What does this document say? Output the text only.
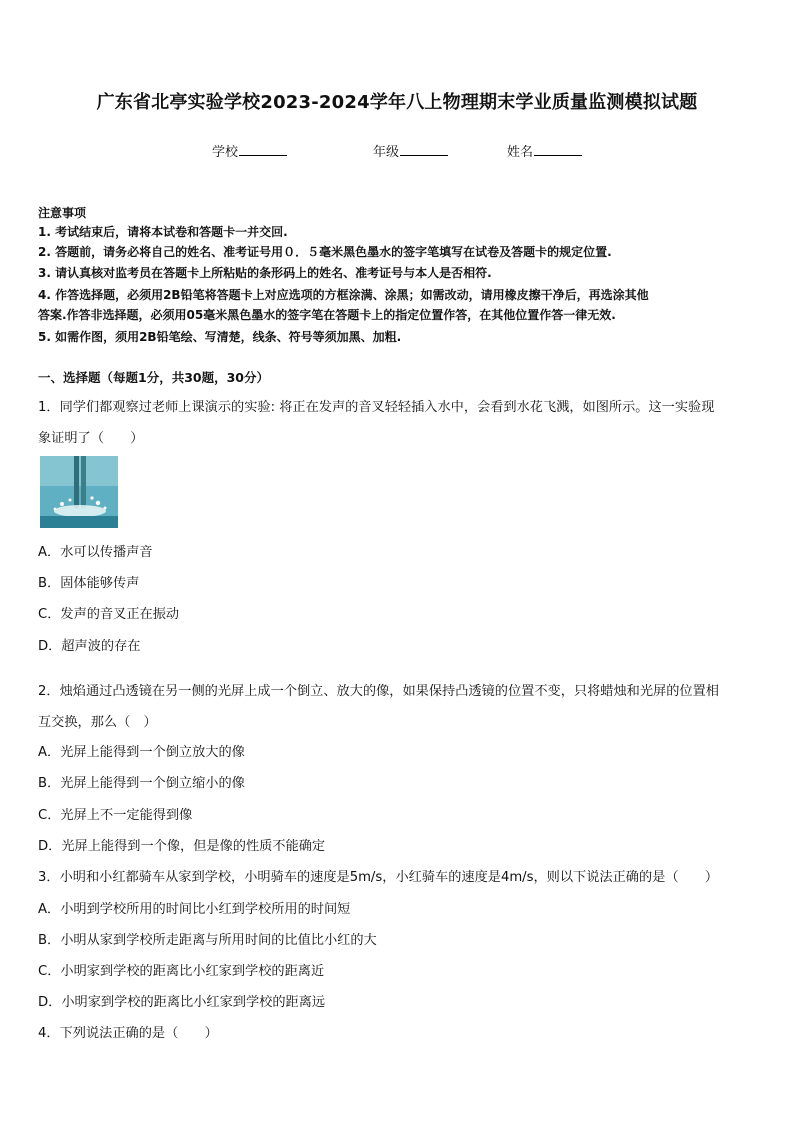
广东省北亭实验学校2023-2024学年八上物理期末学业质量监测模拟试题
学校	年级	姓名
注意事项
1. 考试结束后，请将本试卷和答题卡一并交回.
2. 答题前，请务必将自己的姓名、准考证号用０．５毫米黑色墨水的签字笔填写在试卷及答题卡的规定位置.
3. 请认真核对监考员在答题卡上所粘贴的条形码上的姓名、准考证号与本人是否相符.
4. 作答选择题，必须用2B铅笔将答题卡上对应选项的方框涂满、涂黑；如需改动，请用橡皮擦干净后，再选涂其他
答案.作答非选择题，必须用05毫米黑色墨水的签字笔在答题卡上的指定位置作答，在其他位置作答一律无效.
5. 如需作图，须用2B铅笔绘、写清楚，线条、符号等须加黑、加粗.
一、选择题（每题1分，共30题，30分）
1．同学们都观察过老师上课演示的实验: 将正在发声的音叉轻轻插入水中，会看到水花飞溅，如图所示。这一实验现
象证明了（　　）
A．水可以传播声音
B．固体能够传声
C．发声的音叉正在振动
D．超声波的存在
2．烛焰通过凸透镜在另一侧的光屏上成一个倒立、放大的像，如果保持凸透镜的位置不变，只将蜡烛和光屏的位置相
互交换，那么（　）
A．光屏上能得到一个倒立放大的像
B．光屏上能得到一个倒立缩小的像
C．光屏上不一定能得到像
D．光屏上能得到一个像，但是像的性质不能确定
3．小明和小红都骑车从家到学校，小明骑车的速度是5m/s，小红骑车的速度是4m/s，则以下说法正确的是（　　）
A．小明到学校所用的时间比小红到学校所用的时间短
B．小明从家到学校所走距离与所用时间的比值比小红的大
C．小明家到学校的距离比小红家到学校的距离近
D．小明家到学校的距离比小红家到学校的距离远
4．下列说法正确的是（　　）
